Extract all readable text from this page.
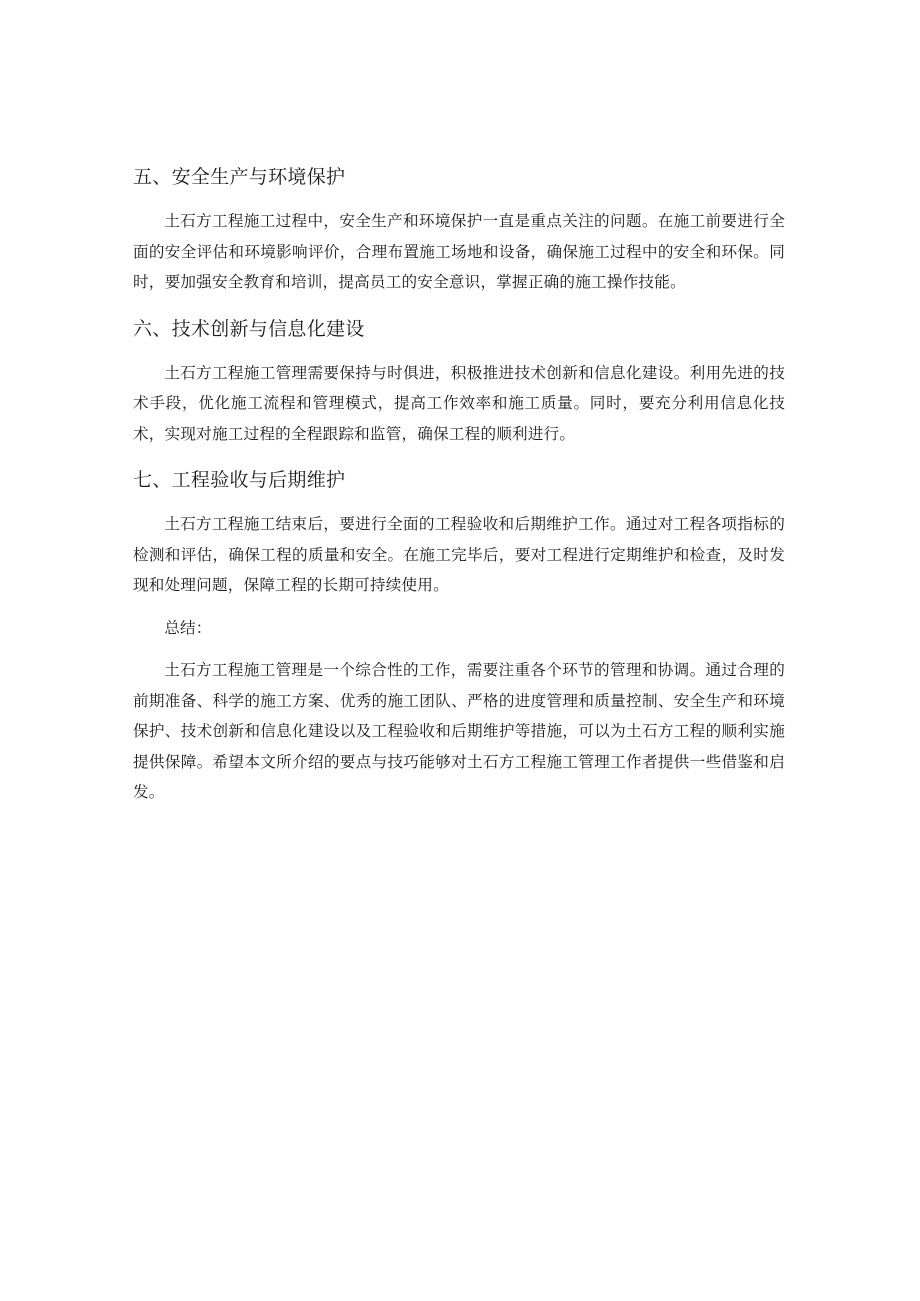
五、安全生产与环境保护

土石方工程施工过程中，安全生产和环境保护一直是重点关注的问题。在施工前要进行全面的安全评估和环境影响评价，合理布置施工场地和设备，确保施工过程中的安全和环保。同时，要加强安全教育和培训，提高员工的安全意识，掌握正确的施工操作技能。

六、技术创新与信息化建设

土石方工程施工管理需要保持与时俱进，积极推进技术创新和信息化建设。利用先进的技术手段，优化施工流程和管理模式，提高工作效率和施工质量。同时，要充分利用信息化技术，实现对施工过程的全程跟踪和监管，确保工程的顺利进行。

七、工程验收与后期维护

土石方工程施工结束后，要进行全面的工程验收和后期维护工作。通过对工程各项指标的检测和评估，确保工程的质量和安全。在施工完毕后，要对工程进行定期维护和检查，及时发现和处理问题，保障工程的长期可持续使用。

总结：

土石方工程施工管理是一个综合性的工作，需要注重各个环节的管理和协调。通过合理的前期准备、科学的施工方案、优秀的施工团队、严格的进度管理和质量控制、安全生产和环境保护、技术创新和信息化建设以及工程验收和后期维护等措施，可以为土石方工程的顺利实施提供保障。希望本文所介绍的要点与技巧能够对土石方工程施工管理工作者提供一些借鉴和启发。
